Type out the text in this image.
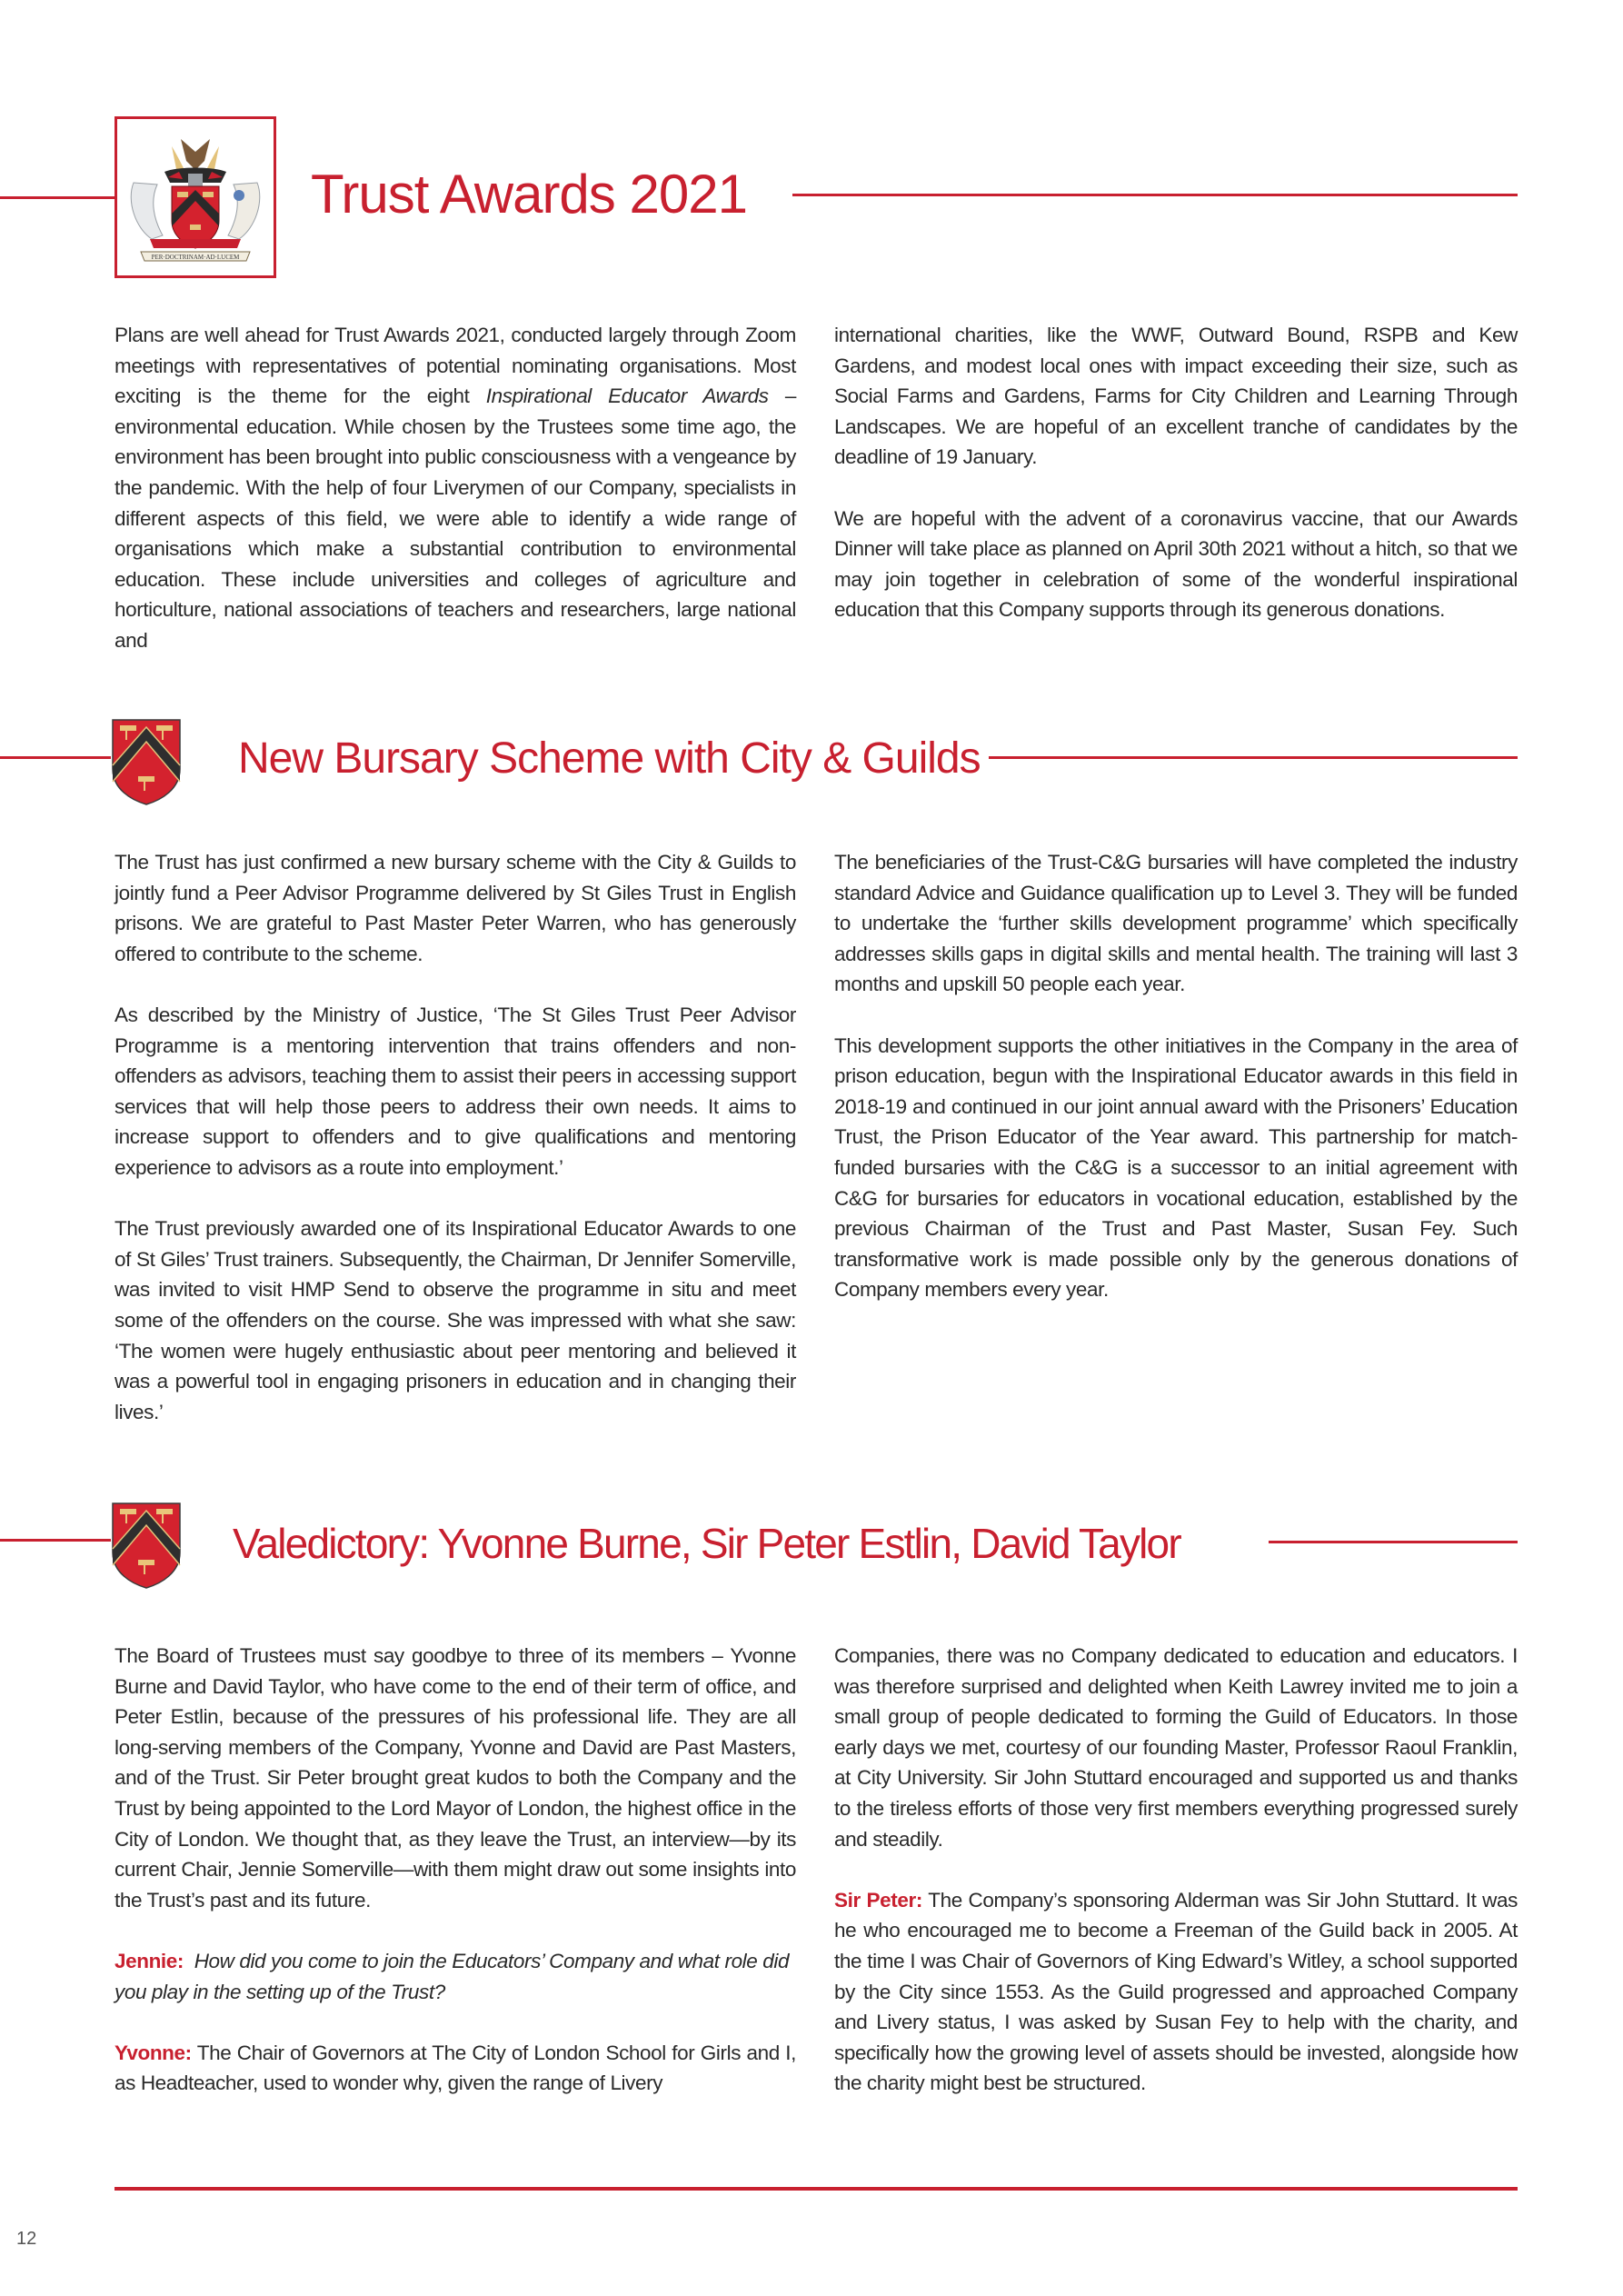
PER·DOCTRINAM·AD·LUCEM
Trust Awards 2021

Plans are well ahead for Trust Awards 2021, conducted largely through Zoom meetings with representatives of potential nominating organisations. Most exciting is the theme for the eight Inspirational Educator Awards – environmental education. While chosen by the Trustees some time ago, the environment has been brought into public consciousness with a vengeance by the pandemic. With the help of four Liverymen of our Company, specialists in different aspects of this field, we were able to identify a wide range of organisations which make a substantial contribution to environmental education. These include universities and colleges of agriculture and horticulture, national associations of teachers and researchers, large national and

international charities, like the WWF, Outward Bound, RSPB and Kew Gardens, and modest local ones with impact exceeding their size, such as Social Farms and Gardens, Farms for City Children and Learning Through Landscapes. We are hopeful of an excellent tranche of candidates by the deadline of 19 January.

We are hopeful with the advent of a coronavirus vaccine, that our Awards Dinner will take place as planned on April 30th 2021 without a hitch, so that we may join together in celebration of some of the wonderful inspirational education that this Company supports through its generous donations.

New Bursary Scheme with City & Guilds

The Trust has just confirmed a new bursary scheme with the City & Guilds to jointly fund a Peer Advisor Programme delivered by St Giles Trust in English prisons. We are grateful to Past Master Peter Warren, who has generously offered to contribute to the scheme.

As described by the Ministry of Justice, ‘The St Giles Trust Peer Advisor Programme is a mentoring intervention that trains offenders and non-offenders as advisors, teaching them to assist their peers in accessing support services that will help those peers to address their own needs. It aims to increase support to offenders and to give qualifications and mentoring experience to advisors as a route into employment.’

The Trust previously awarded one of its Inspirational Educator Awards to one of St Giles’ Trust trainers. Subsequently, the Chairman, Dr Jennifer Somerville, was invited to visit HMP Send to observe the programme in situ and meet some of the offenders on the course. She was impressed with what she saw: ‘The women were hugely enthusiastic about peer mentoring and believed it was a powerful tool in engaging prisoners in education and in changing their lives.’

The beneficiaries of the Trust-C&G bursaries will have completed the industry standard Advice and Guidance qualification up to Level 3. They will be funded to undertake the ‘further skills development programme’ which specifically addresses skills gaps in digital skills and mental health. The training will last 3 months and upskill 50 people each year.

This development supports the other initiatives in the Company in the area of prison education, begun with the Inspirational Educator awards in this field in 2018-19 and continued in our joint annual award with the Prisoners’ Education Trust, the Prison Educator of the Year award. This partnership for match-funded bursaries with the C&G is a successor to an initial agreement with C&G for bursaries for educators in vocational education, established by the previous Chairman of the Trust and Past Master, Susan Fey. Such transformative work is made possible only by the generous donations of Company members every year.

Valedictory: Yvonne Burne, Sir Peter Estlin, David Taylor

The Board of Trustees must say goodbye to three of its members – Yvonne Burne and David Taylor, who have come to the end of their term of office, and Peter Estlin, because of the pressures of his professional life. They are all long-serving members of the Company, Yvonne and David are Past Masters, and of the Trust. Sir Peter brought great kudos to both the Company and the Trust by being appointed to the Lord Mayor of London, the highest office in the City of London. We thought that, as they leave the Trust, an interview—by its current Chair, Jennie Somerville—with them might draw out some insights into the Trust’s past and its future.

Jennie: How did you come to join the Educators’ Company and what role did you play in the setting up of the Trust?

Yvonne: The Chair of Governors at The City of London School for Girls and I, as Headteacher, used to wonder why, given the range of Livery

Companies, there was no Company dedicated to education and educators. I was therefore surprised and delighted when Keith Lawrey invited me to join a small group of people dedicated to forming the Guild of Educators. In those early days we met, courtesy of our founding Master, Professor Raoul Franklin, at City University. Sir John Stuttard encouraged and supported us and thanks to the tireless efforts of those very first members everything progressed surely and steadily.

Sir Peter: The Company’s sponsoring Alderman was Sir John Stuttard. It was he who encouraged me to become a Freeman of the Guild back in 2005. At the time I was Chair of Governors of King Edward’s Witley, a school supported by the City since 1553. As the Guild progressed and approached Company and Livery status, I was asked by Susan Fey to help with the charity, and specifically how the growing level of assets should be invested, alongside how the charity might best be structured.

12
